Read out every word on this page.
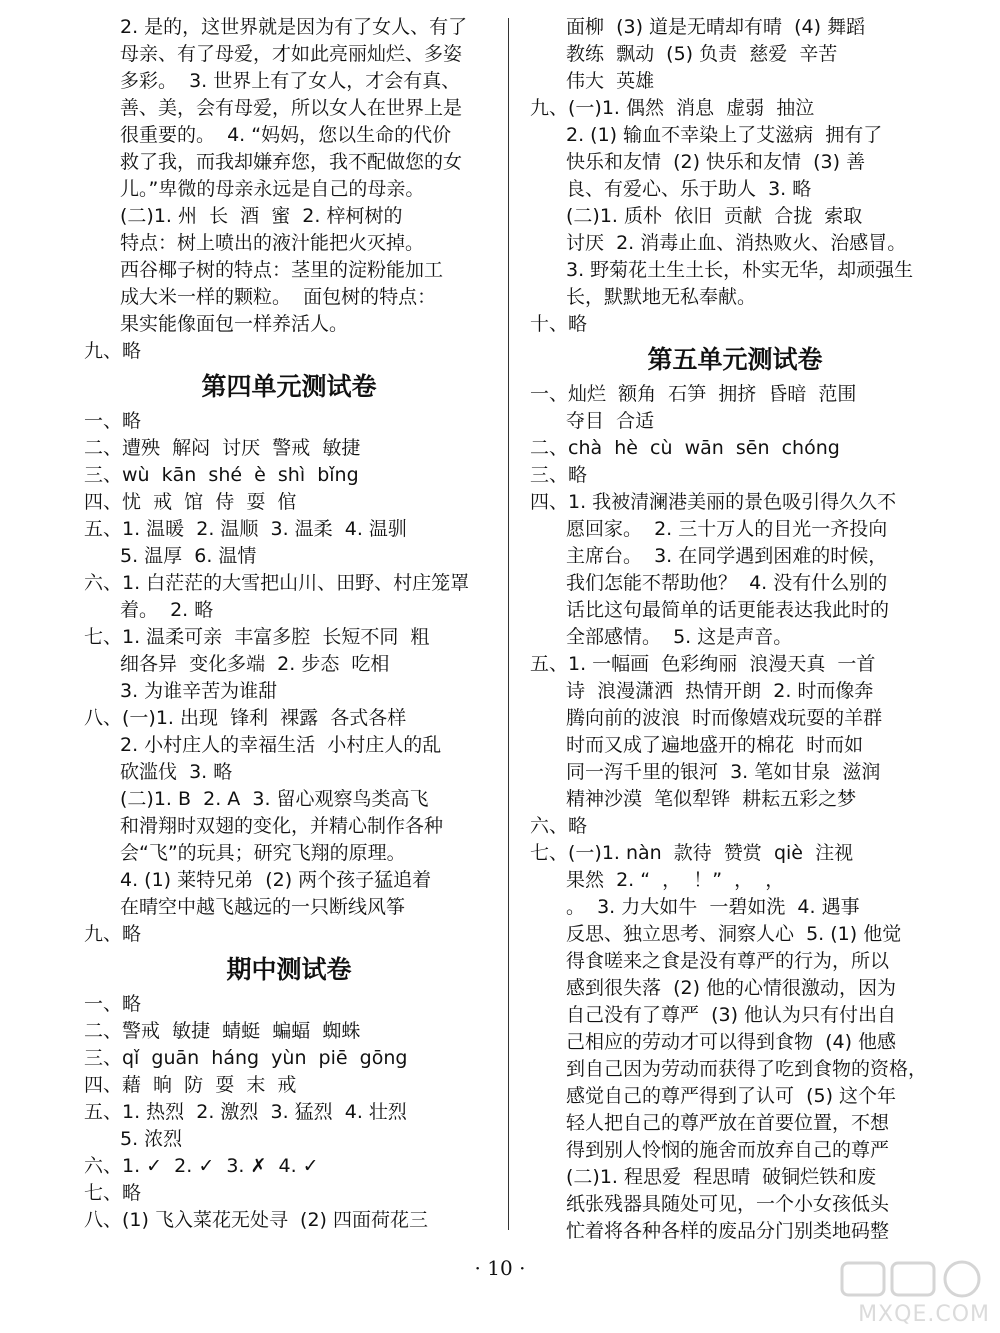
2. 是的，这世界就是因为有了女人、有了
母亲、有了母爱，才如此亮丽灿烂、多姿
多彩。  3. 世界上有了女人，才会有真、
善、美，会有母爱，所以女人在世界上是
很重要的。  4. “妈妈，您以生命的代价
救了我，而我却嫌弃您，我不配做您的女
儿。”卑微的母亲永远是自己的母亲。
(二)1. 州  长  酒  蜜  2. 梓柯树的
特点：树上喷出的液汁能把火灭掉。
西谷椰子树的特点：茎里的淀粉能加工
成大米一样的颗粒。  面包树的特点：
果实能像面包一样养活人。
九、略
第四单元测试卷
一、略
二、遭殃  解闷  讨厌  警戒  敏捷
三、wù  kān  shé  è  shì  bǐng
四、忧  戒  馆  侍  耍  倌
五、1. 温暖  2. 温顺  3. 温柔  4. 温驯
5. 温厚  6. 温情
六、1. 白茫茫的大雪把山川、田野、村庄笼罩
着。  2. 略
七、1. 温柔可亲  丰富多腔  长短不同  粗
细各异  变化多端  2. 步态  吃相
3. 为谁辛苦为谁甜
八、(一)1. 出现  锋利  裸露  各式各样
2. 小村庄人的幸福生活  小村庄人的乱
砍滥伐  3. 略
(二)1. B  2. A  3. 留心观察鸟类高飞
和滑翔时双翅的变化，并精心制作各种
会“飞”的玩具；研究飞翔的原理。
4. (1) 莱特兄弟  (2) 两个孩子猛追着
在晴空中越飞越远的一只断线风筝
九、略
期中测试卷
一、略
二、警戒  敏捷  蜻蜓  蝙蝠  蜘蛛
三、qǐ  guān  háng  yùn  piē  gōng
四、藉  晌  防  耍  末  戒
五、1. 热烈  2. 激烈  3. 猛烈  4. 壮烈
5. 浓烈
六、1. ✓  2. ✓  3. ✗  4. ✓
七、略
八、(1) 飞入菜花无处寻  (2) 四面荷花三
面柳  (3) 道是无晴却有晴  (4) 舞蹈
教练  飘动  (5) 负责  慈爱  辛苦
伟大  英雄
九、(一)1. 偶然  消息  虚弱  抽泣
2. (1) 输血不幸染上了艾滋病  拥有了
快乐和友情  (2) 快乐和友情  (3) 善
良、有爱心、乐于助人  3. 略
(二)1. 质朴  依旧  贡献  合拢  索取
讨厌  2. 消毒止血、消热败火、治感冒。
3. 野菊花土生土长，朴实无华，却顽强生
长，默默地无私奉献。
十、略
第五单元测试卷
一、灿烂  额角  石笋  拥挤  昏暗  范围
夺目  合适
二、chà  hè  cù  wān  sēn  chóng
三、略
四、1. 我被清澜港美丽的景色吸引得久久不
愿回家。  2. 三十万人的目光一齐投向
主席台。  3. 在同学遇到困难的时候，
我们怎能不帮助他？  4. 没有什么别的
话比这句最简单的话更能表达我此时的
全部感情。  5. 这是声音。
五、1. 一幅画  色彩绚丽  浪漫天真  一首
诗  浪漫潇洒  热情开朗  2. 时而像奔
腾向前的波浪  时而像嬉戏玩耍的羊群
时而又成了遍地盛开的棉花  时而如
同一泻千里的银河  3. 笔如甘泉  滋润
精神沙漠  笔似犁铧  耕耘五彩之梦
六、略
七、(一)1. nàn  款待  赞赏  qiè  注视
果然  2. “  ，  ！”  ，  ，
。  3. 力大如牛  一碧如洗  4. 遇事
反思、独立思考、洞察人心  5. (1) 他觉
得食嗟来之食是没有尊严的行为，所以
感到很失落  (2) 他的心情很激动，因为
自己没有了尊严  (3) 他认为只有付出自
己相应的劳动才可以得到食物  (4) 他感
到自己因为劳动而获得了吃到食物的资格，
感觉自己的尊严得到了认可  (5) 这个年
轻人把自己的尊严放在首要位置，不想
得到别人怜悯的施舍而放弃自己的尊严
(二)1. 程思爱  程思晴  破铜烂铁和废
纸张残器具随处可见，一个小女孩低头
忙着将各种各样的废品分门别类地码整
· 10 ·
MXQE.COM
